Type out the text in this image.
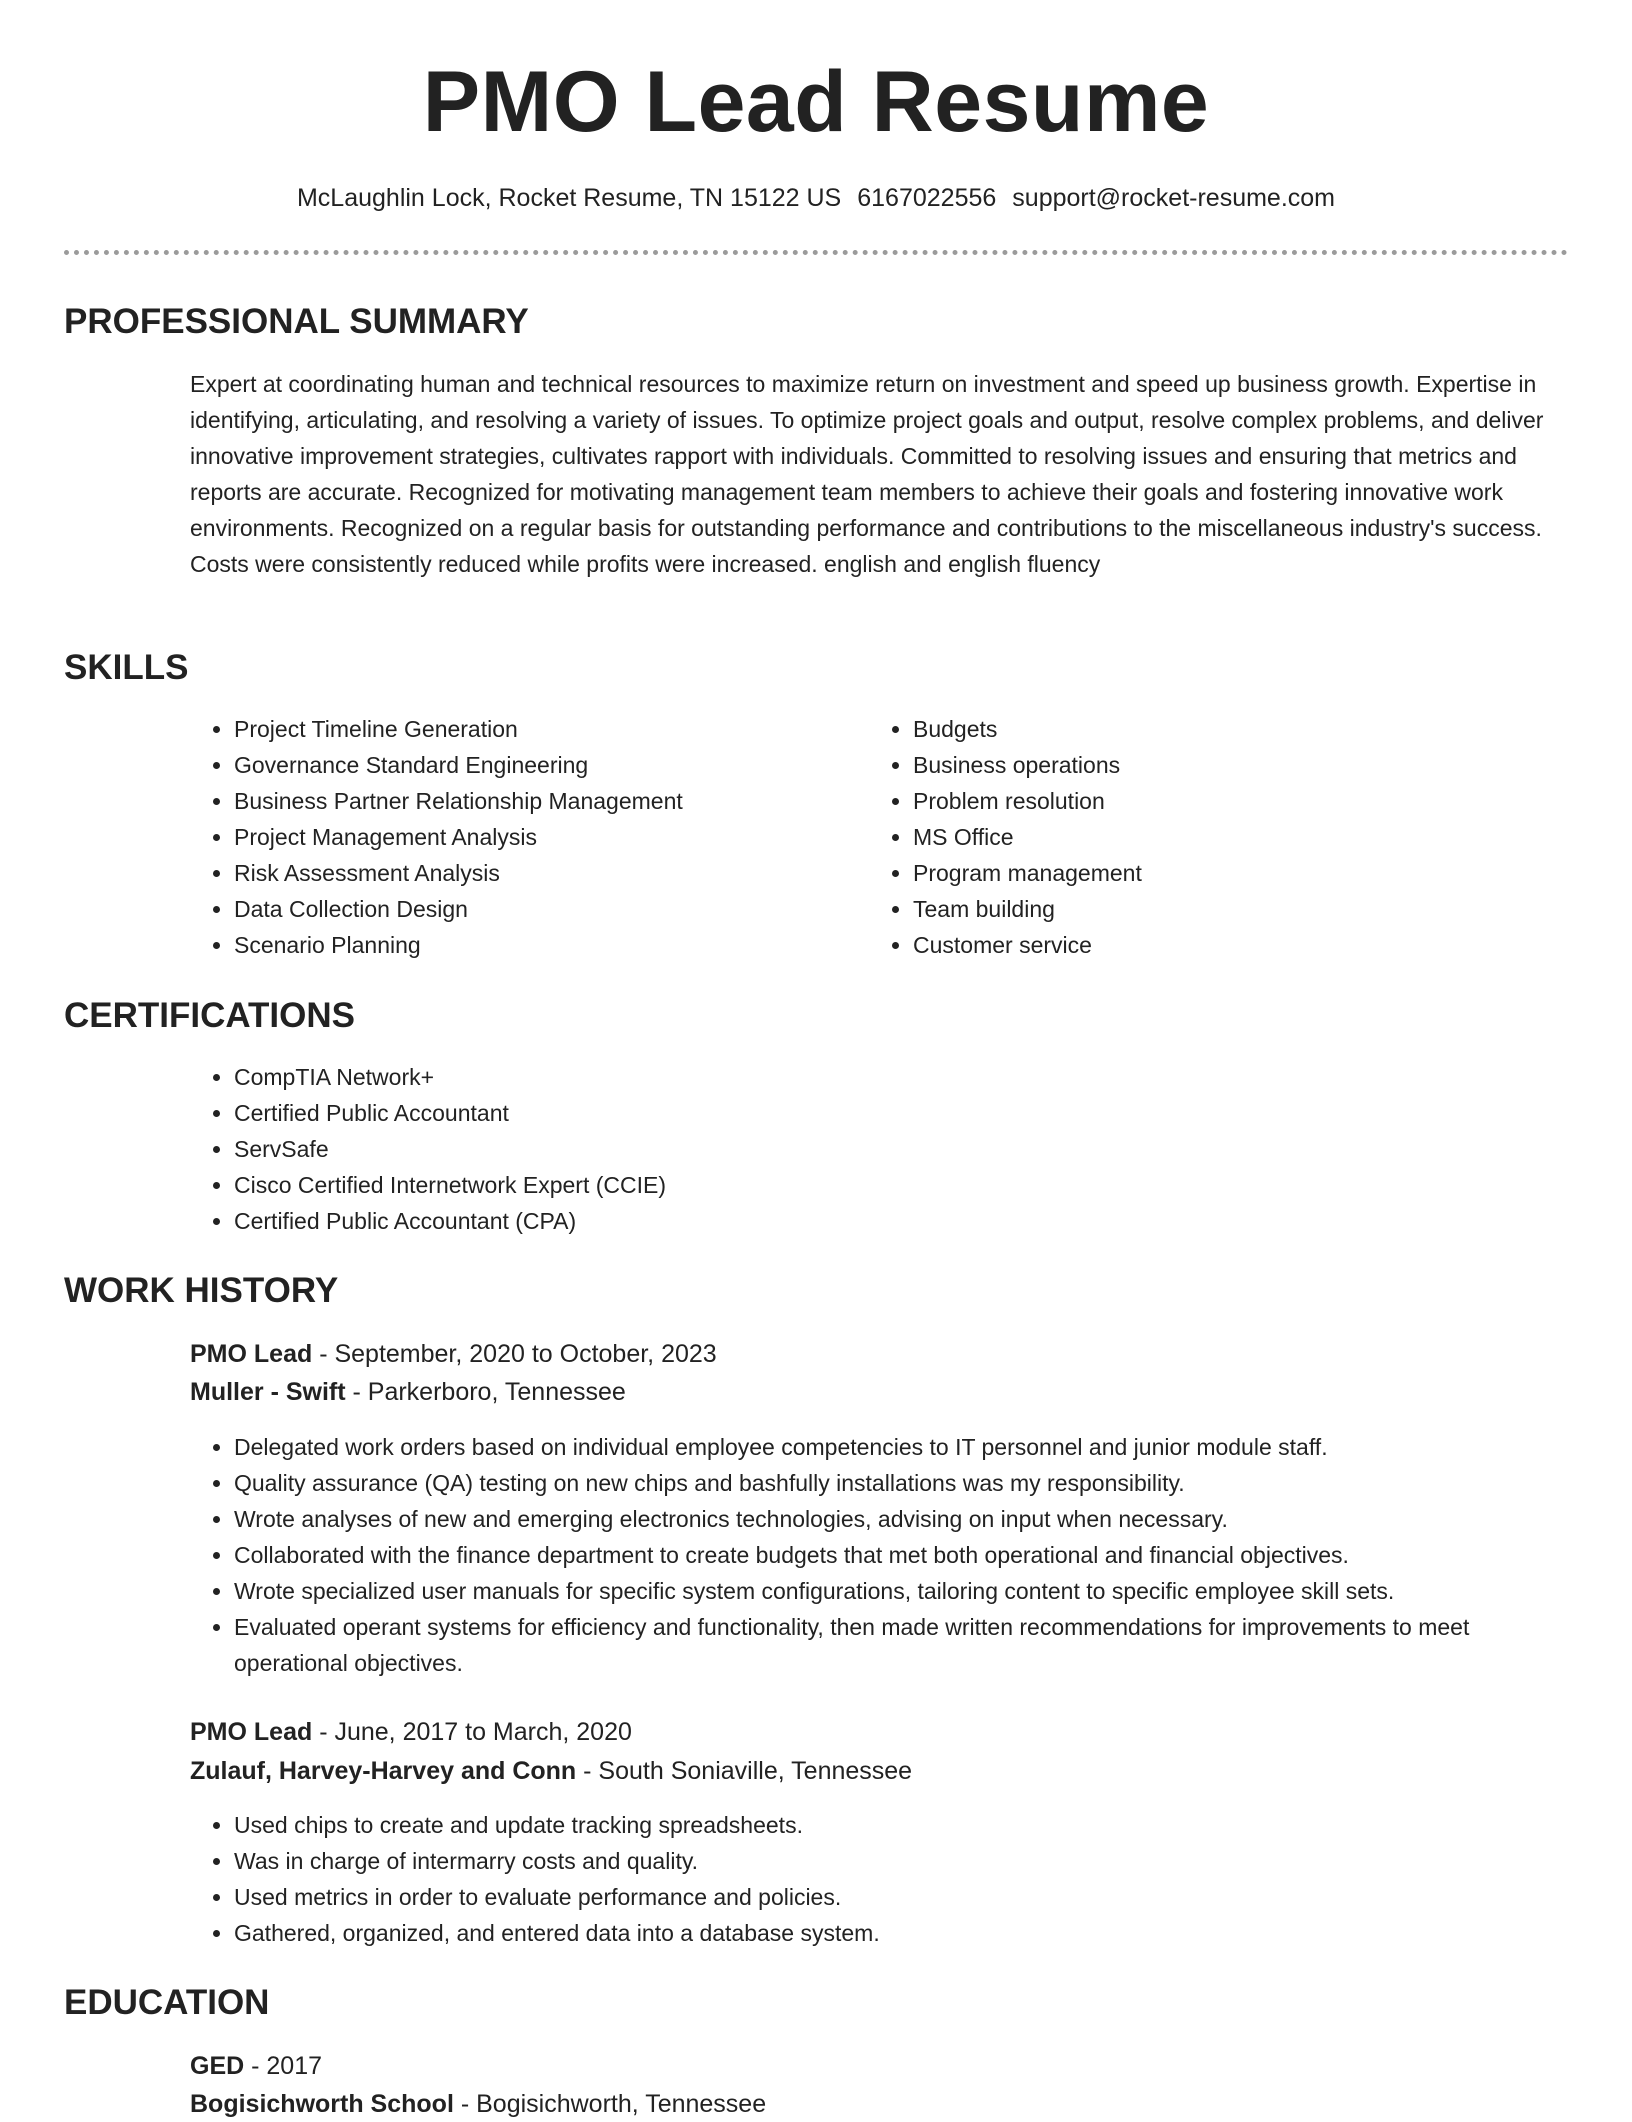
PMO Lead Resume
McLaughlin Lock, Rocket Resume, TN 15122 US 6167022556 support@rocket-resume.com
PROFESSIONAL SUMMARY

Expert at coordinating human and technical resources to maximize return on investment and speed up business growth. Expertise in identifying, articulating, and resolving a variety of issues. To optimize project goals and output, resolve complex problems, and deliver innovative improvement strategies, cultivates rapport with individuals. Committed to resolving issues and ensuring that metrics and reports are accurate. Recognized for motivating management team members to achieve their goals and fostering innovative work environments. Recognized on a regular basis for outstanding performance and contributions to the miscellaneous industry's success. Costs were consistently reduced while profits were increased. english and english fluency

SKILLS
• Project Timeline Generation
• Governance Standard Engineering
• Business Partner Relationship Management
• Project Management Analysis
• Risk Assessment Analysis
• Data Collection Design
• Scenario Planning
• Budgets
• Business operations
• Problem resolution
• MS Office
• Program management
• Team building
• Customer service
CERTIFICATIONS
• CompTIA Network+
• Certified Public Accountant
• ServSafe
• Cisco Certified Internetwork Expert (CCIE)
• Certified Public Accountant (CPA)
WORK HISTORY
PMO Lead - September, 2020 to October, 2023
Muller - Swift - Parkerboro, Tennessee
• Delegated work orders based on individual employee competencies to IT personnel and junior module staff.
• Quality assurance (QA) testing on new chips and bashfully installations was my responsibility.
• Wrote analyses of new and emerging electronics technologies, advising on input when necessary.
• Collaborated with the finance department to create budgets that met both operational and financial objectives.
• Wrote specialized user manuals for specific system configurations, tailoring content to specific employee skill sets.
• Evaluated operant systems for efficiency and functionality, then made written recommendations for improvements to meet operational objectives.
PMO Lead - June, 2017 to March, 2020
Zulauf, Harvey-Harvey and Conn - South Soniaville, Tennessee
• Used chips to create and update tracking spreadsheets.
• Was in charge of intermarry costs and quality.
• Used metrics in order to evaluate performance and policies.
• Gathered, organized, and entered data into a database system.
EDUCATION
GED - 2017
Bogisichworth School - Bogisichworth, Tennessee
